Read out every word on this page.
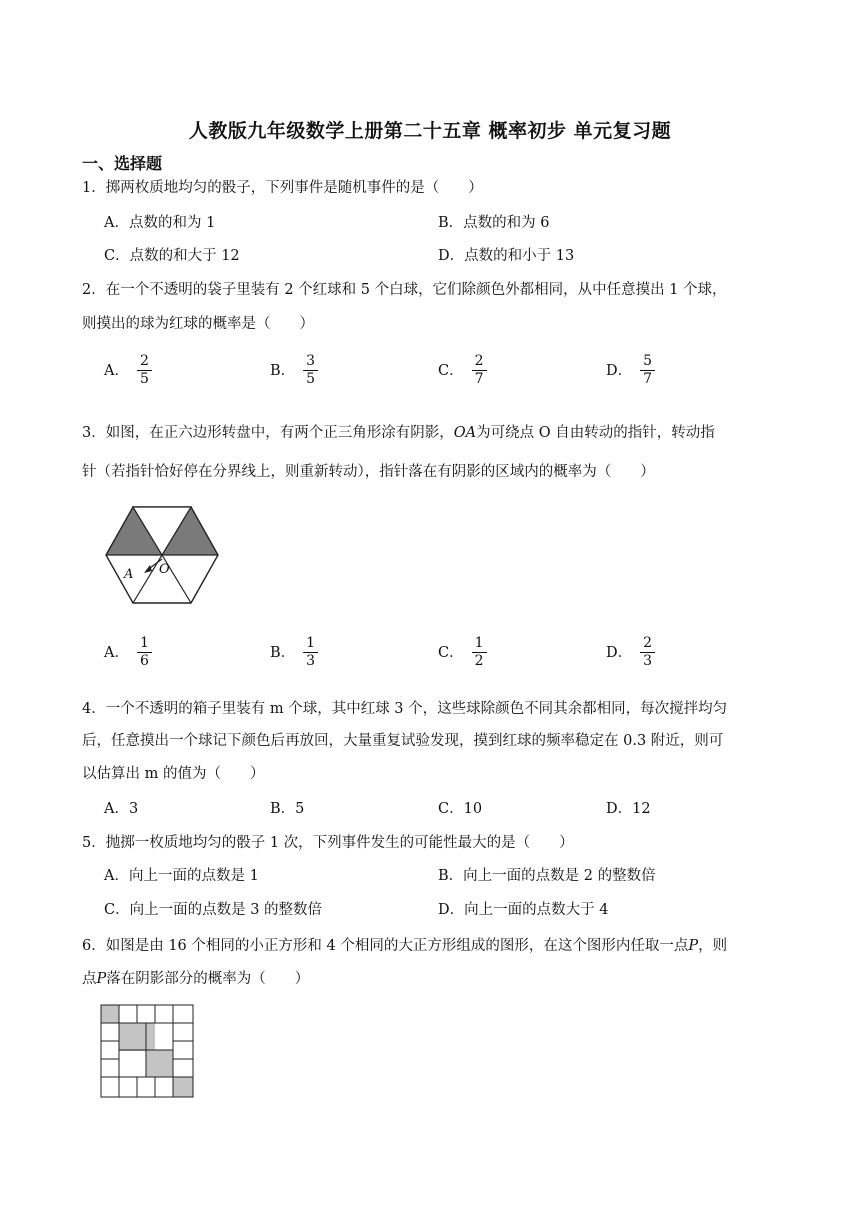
人教版九年级数学上册第二十五章 概率初步 单元复习题
一、选择题
1．掷两枚质地均匀的骰子，下列事件是随机事件的是（　　）
A．点数的和为 1	B．点数的和为 6
C．点数的和大于 12	D．点数的和小于 13
2．在一个不透明的袋子里装有 2 个红球和 5 个白球，它们除颜色外都相同，从中任意摸出 1 个球，
则摸出的球为红球的概率是（　　）
A． $\frac{2}{5}$	B． $\frac{3}{5}$	C． $\frac{2}{7}$	D． $\frac{5}{7}$
3．如图，在正六边形转盘中，有两个正三角形涂有阴影，OA为可绕点 O 自由转动的指针，转动指
针（若指针恰好停在分界线上，则重新转动），指针落在有阴影的区域内的概率为（　　）
A O
A． $\frac{1}{6}$	B． $\frac{1}{3}$	C． $\frac{1}{2}$	D． $\frac{2}{3}$
4．一个不透明的箱子里装有 m 个球，其中红球 3 个，这些球除颜色不同其余都相同，每次搅拌均匀
后，任意摸出一个球记下颜色后再放回，大量重复试验发现，摸到红球的频率稳定在 0.3 附近，则可
以估算出 m 的值为（　　）
A．3	B．5	C．10	D．12
5．抛掷一枚质地均匀的骰子 1 次，下列事件发生的可能性最大的是（　　）
A．向上一面的点数是 1	B．向上一面的点数是 2 的整数倍
C．向上一面的点数是 3 的整数倍	D．向上一面的点数大于 4
6．如图是由 16 个相同的小正方形和 4 个相同的大正方形组成的图形，在这个图形内任取一点P，则
点P落在阴影部分的概率为（　　）
